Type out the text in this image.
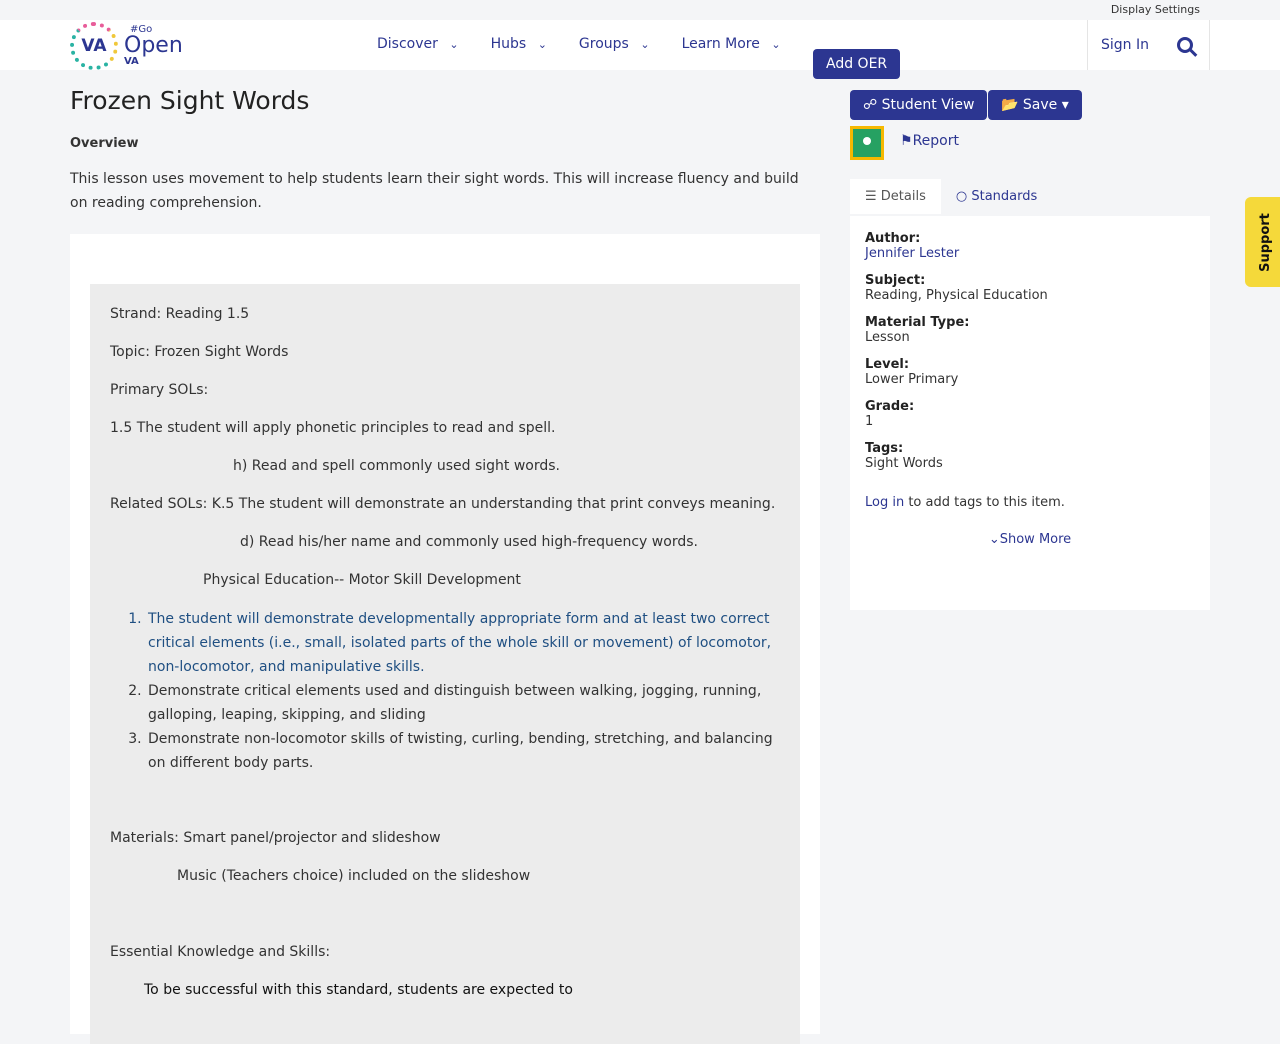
Display Settings
VA
#Go
Open
VA
Discover ⌄	Hubs ⌄	Groups ⌄	Learn More ⌄
Add OER
Sign In
Frozen Sight Words
Overview
This lesson uses movement to help students learn their sight words. This will increase fluency and build on reading comprehension.

Strand: Reading 1.5

Topic: Frozen Sight Words

Primary SOLs:

1.5 The student will apply phonetic principles to read and spell.

h) Read and spell commonly used sight words.

Related SOLs: K.5 The student will demonstrate an understanding that print conveys meaning.

d) Read his/her name and commonly used high-frequency words.

Physical Education-- Motor Skill Development

1. The student will demonstrate developmentally appropriate form and at least two correct critical elements (i.e., small, isolated parts of the whole skill or movement) of locomotor, non-locomotor, and manipulative skills.
2. Demonstrate critical elements used and distinguish between walking, jogging, running, galloping, leaping, skipping, and sliding
3. Demonstrate non-locomotor skills of twisting, curling, bending, stretching, and balancing on different body parts.

Materials: Smart panel/projector and slideshow

Music (Teachers choice) included on the slideshow

Essential Knowledge and Skills:

To be successful with this standard, students are expected to

☍ Student View	📂 Save ▾
⚑Report
☰ Details	○ Standards
Author:
Jennifer Lester
Subject:
Reading, Physical Education
Material Type:
Lesson
Level:
Lower Primary
Grade:
1
Tags:
Sight Words
Log in to add tags to this item.
⌄Show More
Support
